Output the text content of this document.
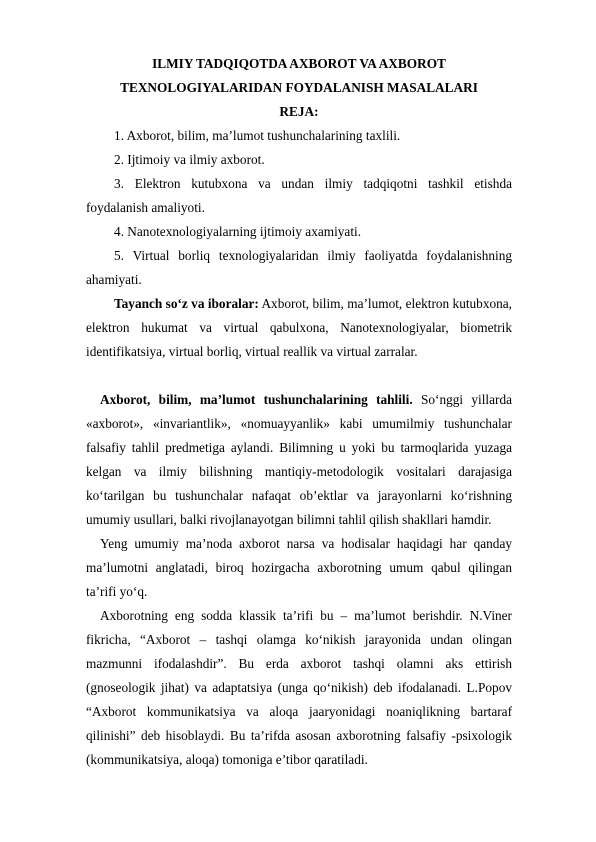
ILMIY TADQIQOTDA AXBOROT VA AXBOROT
TEXNOLOGIYALARIDAN FOYDALANISH MASALALARI
REJA:

1. Axborot, bilim, ma’lumot tushunchalarining taxlili.

2. Ijtimoiy va ilmiy axborot.

3. Elektron kutubxona va undan ilmiy tadqiqotni tashkil etishda foydalanish amaliyoti.

4. Nanotexnologiyalarning ijtimoiy axamiyati.

5. Virtual borliq texnologiyalaridan ilmiy faoliyatda foydalanishning ahamiyati.

Tayanch so‘z va iboralar: Axborot, bilim, ma’lumot, elektron kutubxona, elektron hukumat va virtual qabulxona, Nanotexnologiyalar, biometrik identifikatsiya, virtual borliq, virtual reallik va virtual zarralar.

Axborot, bilim, ma’lumot tushunchalarining tahlili. So‘nggi yillarda «axborot», «invariantlik», «nomuayyanlik» kabi umumilmiy tushunchalar falsafiy tahlil predmetiga aylandi. Bilimning u yoki bu tarmoqlarida yuzaga kelgan va ilmiy bilishning mantiqiy-metodologik vositalari darajasiga ko‘tarilgan bu tushunchalar nafaqat ob’ektlar va jarayonlarni ko‘rishning umumiy usullari, balki rivojlanayotgan bilimni tahlil qilish shakllari hamdir.

Yeng umumiy ma’noda axborot narsa va hodisalar haqidagi har qanday ma’lumotni anglatadi, biroq hozirgacha axborotning umum qabul qilingan ta’rifi yo‘q.

Axborotning eng sodda klassik ta’rifi bu – ma’lumot berishdir. N.Viner fikricha, “Axborot – tashqi olamga ko‘nikish jarayonida undan olingan mazmunni ifodalashdir”. Bu erda axborot tashqi olamni aks ettirish (gnoseologik jihat) va adaptatsiya (unga qo‘nikish) deb ifodalanadi. L.Popov “Axborot kommunikatsiya va aloqa jaaryonidagi noaniqlikning bartaraf qilinishi” deb hisoblaydi. Bu ta’rifda asosan axborotning falsafiy -psixologik (kommunikatsiya, aloqa) tomoniga e’tibor qaratiladi.
